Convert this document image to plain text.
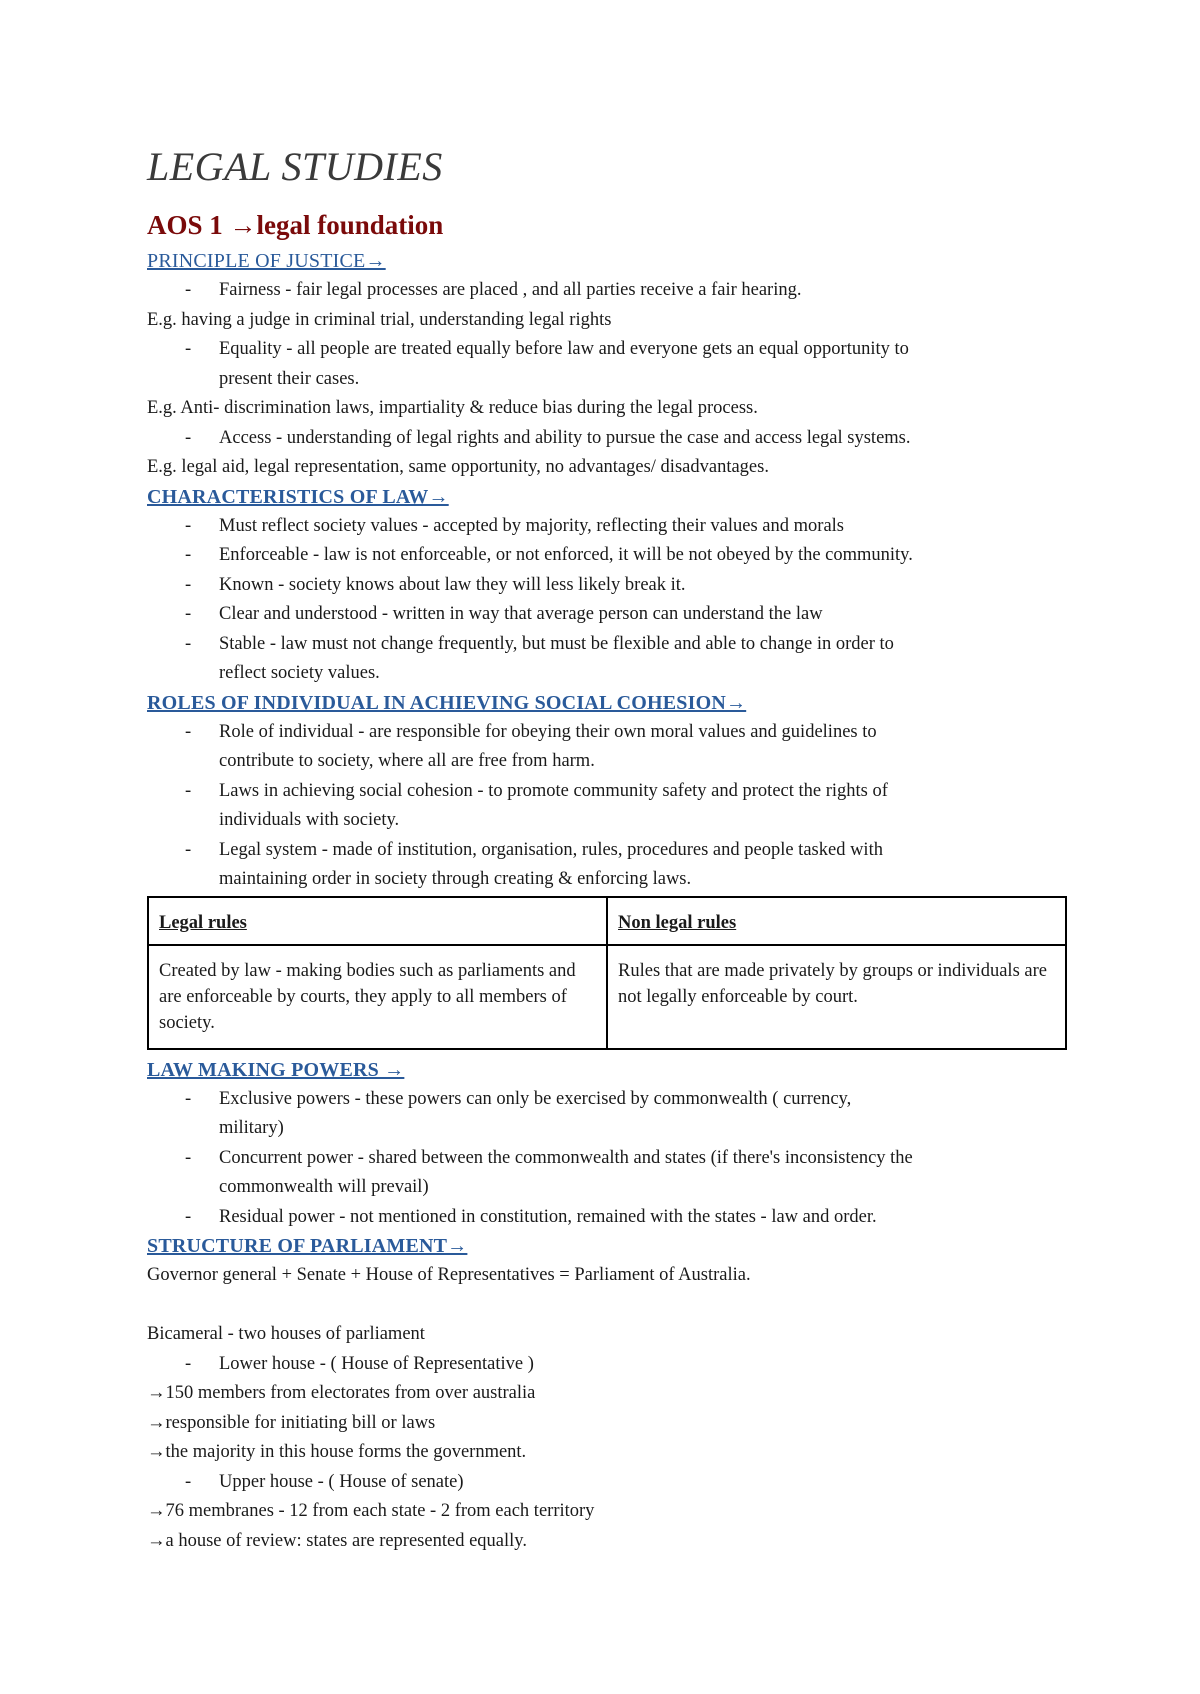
LEGAL STUDIES
AOS 1 →legal foundation
PRINCIPLE OF JUSTICE→
- Fairness - fair legal processes are placed , and all parties receive a fair hearing.
E.g. having a judge in criminal trial, understanding legal rights
- Equality - all people are treated equally before law and everyone gets an equal opportunity to
present their cases.
E.g. Anti- discrimination laws, impartiality & reduce bias during the legal process.
- Access - understanding of legal rights and ability to pursue the case and access legal systems.
E.g. legal aid, legal representation, same opportunity, no advantages/ disadvantages.
CHARACTERISTICS OF LAW→
- Must reflect society values - accepted by majority, reflecting their values and morals
- Enforceable - law is not enforceable, or not enforced, it will be not obeyed by the community.
- Known - society knows about law they will less likely break it.
- Clear and understood - written in way that average person can understand the law
- Stable - law must not change frequently, but must be flexible and able to change in order to
reflect society values.
ROLES OF INDIVIDUAL IN ACHIEVING SOCIAL COHESION→
- Role of individual - are responsible for obeying their own moral values and guidelines to
contribute to society, where all are free from harm.
- Laws in achieving social cohesion - to promote community safety and protect the rights of
individuals with society.
- Legal system - made of institution, organisation, rules, procedures and people tasked with
maintaining order in society through creating & enforcing laws.
Legal rules	Non legal rules
Created by law - making bodies such as parliaments and are enforceable by courts, they apply to all members of society.	Rules that are made privately by groups or individuals are not legally enforceable by court.
LAW MAKING POWERS →
- Exclusive powers - these powers can only be exercised by commonwealth ( currency,
military)
- Concurrent power - shared between the commonwealth and states (if there's inconsistency the
commonwealth will prevail)
- Residual power - not mentioned in constitution, remained with the states - law and order.
STRUCTURE OF PARLIAMENT→
Governor general + Senate + House of Representatives = Parliament of Australia.
Bicameral - two houses of parliament
- Lower house - ( House of Representative )
→150 members from electorates from over australia
→responsible for initiating bill or laws
→the majority in this house forms the government.
- Upper house - ( House of senate)
→76 membranes - 12 from each state - 2 from each territory
→a house of review: states are represented equally.
